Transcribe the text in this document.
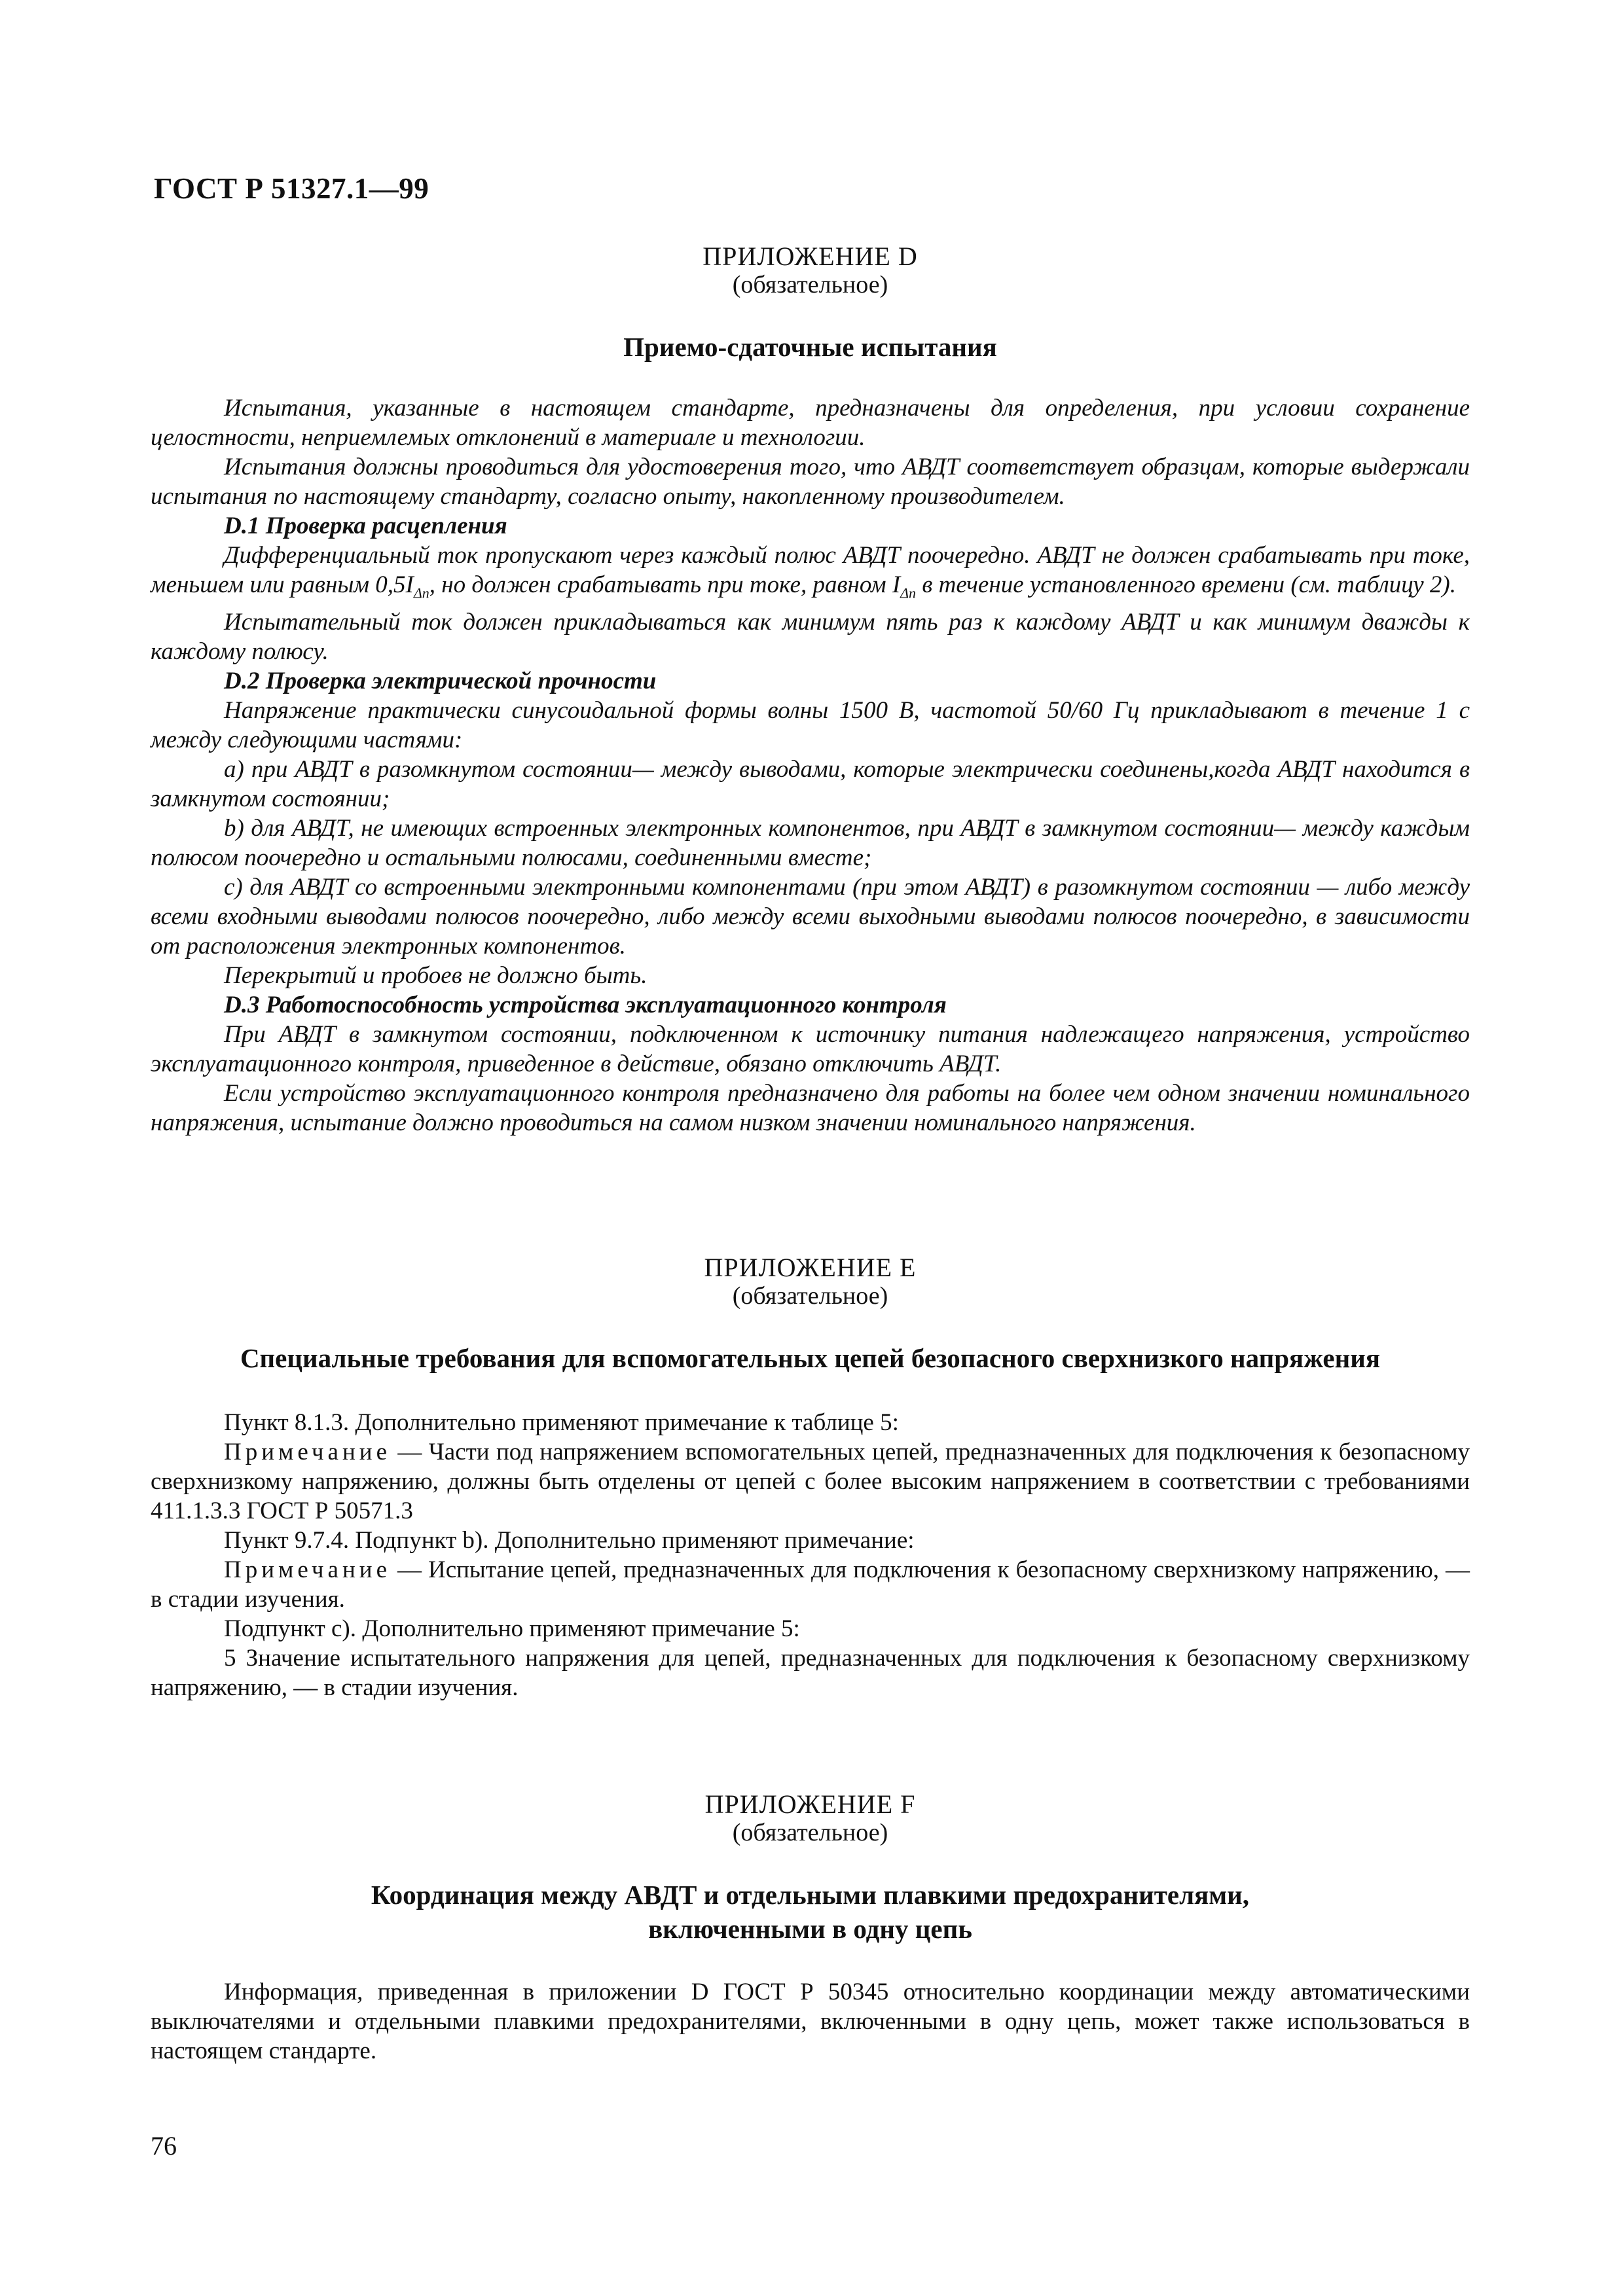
ГОСТ Р 51327.1—99
ПРИЛОЖЕНИЕ D
(обязательное)
Приемо-сдаточные испытания

Испытания, указанные в настоящем стандарте, предназначены для определения, при условии сохранение целостности, неприемлемых отклонений в материале и технологии.

Испытания должны проводиться для удостоверения того, что АВДТ соответствует образцам, которые выдержали испытания по настоящему стандарту, согласно опыту, накопленному производителем.

D.1 Проверка расцепления

Дифференциальный ток пропускают через каждый полюс АВДТ поочередно. АВДТ не должен срабатывать при токе, меньшем или равным $0,5I_{\Delta n}$, но должен срабатывать при токе, равном $I_{\Delta n}$ в течение установленного времени (см. таблицу 2).

Испытательный ток должен прикладываться как минимум пять раз к каждому АВДТ и как минимум дважды к каждому полюсу.

D.2 Проверка электрической прочности

Напряжение практически синусоидальной формы волны 1500 В, частотой 50/60 Гц прикладывают в течение 1 с между следующими частями:

a) при АВДТ в разомкнутом состоянии— между выводами, которые электрически соединены,когда АВДТ находится в замкнутом состоянии;

b) для АВДТ, не имеющих встроенных электронных компонентов, при АВДТ в замкнутом состоянии— между каждым полюсом поочередно и остальными полюсами, соединенными вместе;

c) для АВДТ со встроенными электронными компонентами (при этом АВДТ) в разомкнутом состоянии — либо между всеми входными выводами полюсов поочередно, либо между всеми выходными выводами полюсов поочередно, в зависимости от расположения электронных компонентов.

Перекрытий и пробоев не должно быть.

D.3 Работоспособность устройства эксплуатационного контроля

При АВДТ в замкнутом состоянии, подключенном к источнику питания надлежащего напряжения, устройство эксплуатационного контроля, приведенное в действие, обязано отключить АВДТ.

Если устройство эксплуатационного контроля предназначено для работы на более чем одном значении номинального напряжения, испытание должно проводиться на самом низком значении номинального напряжения.

ПРИЛОЖЕНИЕ E
(обязательное)
Специальные требования для вспомогательных цепей безопасного сверхнизкого напряжения

Пункт 8.1.3. Дополнительно применяют примечание к таблице 5:

Примечание — Части под напряжением вспомогательных цепей, предназначенных для подключения к безопасному сверхнизкому напряжению, должны быть отделены от цепей с более высоким напряжением в соответствии с требованиями 411.1.3.3 ГОСТ Р 50571.3

Пункт 9.7.4. Подпункт b). Дополнительно применяют примечание:

Примечание — Испытание цепей, предназначенных для подключения к безопасному сверхнизкому напряжению, — в стадии изучения.

Подпункт c). Дополнительно применяют примечание 5:

5 Значение испытательного напряжения для цепей, предназначенных для подключения к безопасному сверхнизкому напряжению, — в стадии изучения.

ПРИЛОЖЕНИЕ F
(обязательное)
Координация между АВДТ и отдельными плавкими предохранителями,
включенными в одну цепь

Информация, приведенная в приложении D ГОСТ Р 50345 относительно координации между автоматическими выключателями и отдельными плавкими предохранителями, включенными в одну цепь, может также использоваться в настоящем стандарте.

76
